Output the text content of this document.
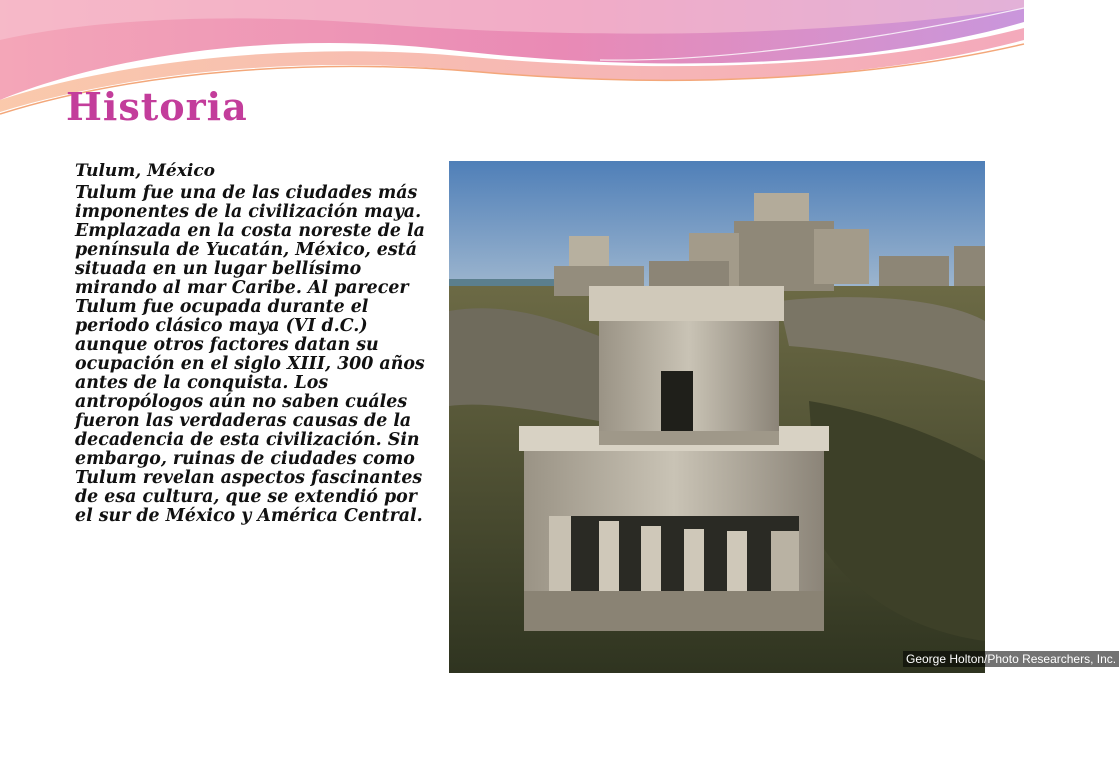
Historia
Tulum, México
Tulum fue una de las ciudades más imponentes de la civilización maya. Emplazada en la costa noreste de la península de Yucatán, México, está situada en un lugar bellísimo mirando al mar Caribe. Al parecer Tulum fue ocupada durante el periodo clásico maya (VI d.C.) aunque otros factores datan su ocupación en el siglo XIII, 300 años antes de la conquista. Los antropólogos aún no saben cuáles fueron las verdaderas causas de la decadencia de esta civilización. Sin embargo, ruinas de ciudades como Tulum revelan aspectos fascinantes de esa cultura, que se extendió por el sur de México y América Central.
George Holton/Photo Researchers, Inc.
